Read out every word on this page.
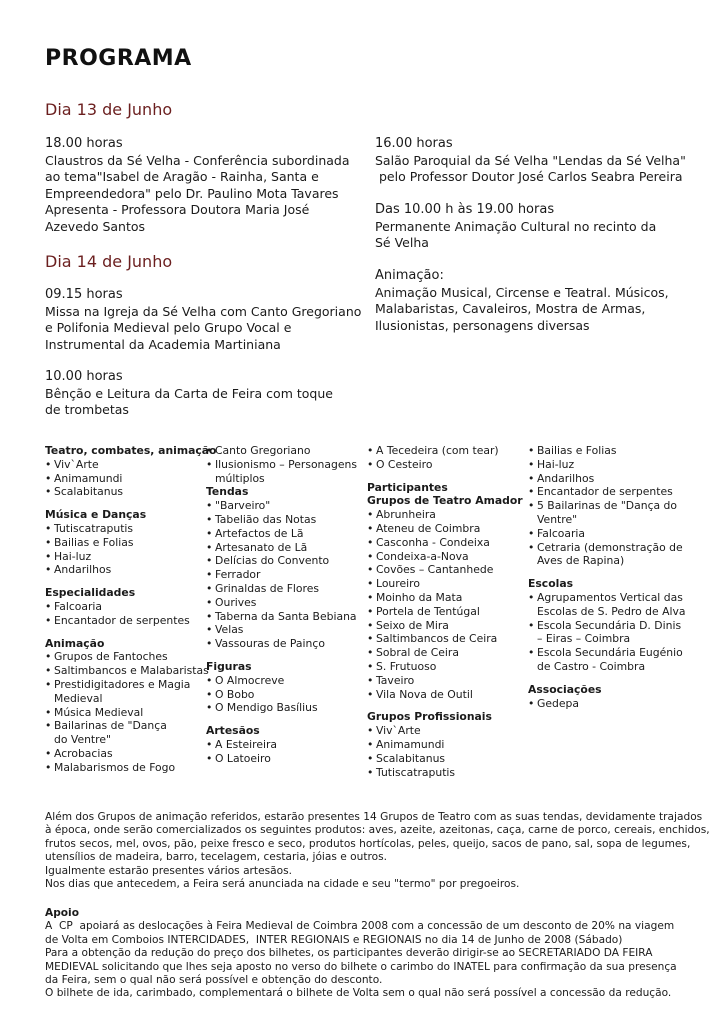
PROGRAMA
Dia 13 de Junho
18.00 horas
Claustros da Sé Velha - Conferência subordinada
ao tema"Isabel de Aragão - Rainha, Santa e
Empreendedora" pelo Dr. Paulino Mota Tavares
Apresenta - Professora Doutora Maria José
Azevedo Santos
16.00 horas
Salão Paroquial da Sé Velha "Lendas da Sé Velha"
pelo Professor Doutor José Carlos Seabra Pereira
Das 10.00 h às 19.00 horas
Permanente Animação Cultural no recinto da
Sé Velha
Animação:
Animação Musical, Circense e Teatral. Músicos,
Malabaristas, Cavaleiros, Mostra de Armas,
Ilusionistas, personagens diversas
Dia 14 de Junho
09.15 horas
Missa na Igreja da Sé Velha com Canto Gregoriano
e Polifonia Medieval pelo Grupo Vocal e
Instrumental da Academia Martiniana
10.00 horas
Bênção e Leitura da Carta de Feira com toque
de trombetas
Teatro, combates, animação
• Viv`Arte
• Animamundi
• Scalabitanus
Música e Danças
• Tutiscatraputis
• Bailias e Folias
• Hai-luz
• Andarilhos
Especialidades
• Falcoaria
• Encantador de serpentes
Animação
• Grupos de Fantoches
• Saltimbancos e Malabaristas
• Prestidigitadores e Magia
Medieval
• Música Medieval
• Bailarinas de "Dança
do Ventre"
• Acrobacias
• Malabarismos de Fogo
• Canto Gregoriano
• Ilusionismo – Personagens
múltiplos
Tendas
• "Barveiro"
• Tabelião das Notas
• Artefactos de Lã
• Artesanato de Lã
• Delícias do Convento
• Ferrador
• Grinaldas de Flores
• Ourives
• Taberna da Santa Bebiana
• Velas
• Vassouras de Painço
Figuras
• O Almocreve
• O Bobo
• O Mendigo Basílius
Artesãos
• A Esteireira
• O Latoeiro
• A Tecedeira (com tear)
• O Cesteiro
Participantes
Grupos de Teatro Amador
• Abrunheira
• Ateneu de Coimbra
• Casconha - Condeixa
• Condeixa-a-Nova
• Covões – Cantanhede
• Loureiro
• Moinho da Mata
• Portela de Tentúgal
• Seixo de Mira
• Saltimbancos de Ceira
• Sobral de Ceira
• S. Frutuoso
• Taveiro
• Vila Nova de Outil
Grupos Profissionais
• Viv`Arte
• Animamundi
• Scalabitanus
• Tutiscatraputis
• Bailias e Folias
• Hai-luz
• Andarilhos
• Encantador de serpentes
• 5 Bailarinas de "Dança do
Ventre"
• Falcoaria
• Cetraria (demonstração de
Aves de Rapina)
Escolas
• Agrupamentos Vertical das
Escolas de S. Pedro de Alva
• Escola Secundária D. Dinis
– Eiras – Coimbra
• Escola Secundária Eugénio
de Castro - Coimbra
Associações
• Gedepa
Além dos Grupos de animação referidos, estarão presentes 14 Grupos de Teatro com as suas tendas, devidamente trajados
à época, onde serão comercializados os seguintes produtos: aves, azeite, azeitonas, caça, carne de porco, cereais, enchidos,
frutos secos, mel, ovos, pão, peixe fresco e seco, produtos hortícolas, peles, queijo, sacos de pano, sal, sopa de legumes,
utensílios de madeira, barro, tecelagem, cestaria, jóias e outros.
Igualmente estarão presentes vários artesãos.
Nos dias que antecedem, a Feira será anunciada na cidade e seu "termo" por pregoeiros.
Apoio
A  CP  apoiará as deslocações à Feira Medieval de Coimbra 2008 com a concessão de um desconto de 20% na viagem
de Volta em Comboios INTERCIDADES,  INTER REGIONAIS e REGIONAIS no dia 14 de Junho de 2008 (Sábado)
Para a obtenção da redução do preço dos bilhetes, os participantes deverão dirigir-se ao SECRETARIADO DA FEIRA
MEDIEVAL solicitando que lhes seja aposto no verso do bilhete o carimbo do INATEL para confirmação da sua presença
da Feira, sem o qual não será possível e obtenção do desconto.
O bilhete de ida, carimbado, complementará o bilhete de Volta sem o qual não será possível a concessão da redução.
